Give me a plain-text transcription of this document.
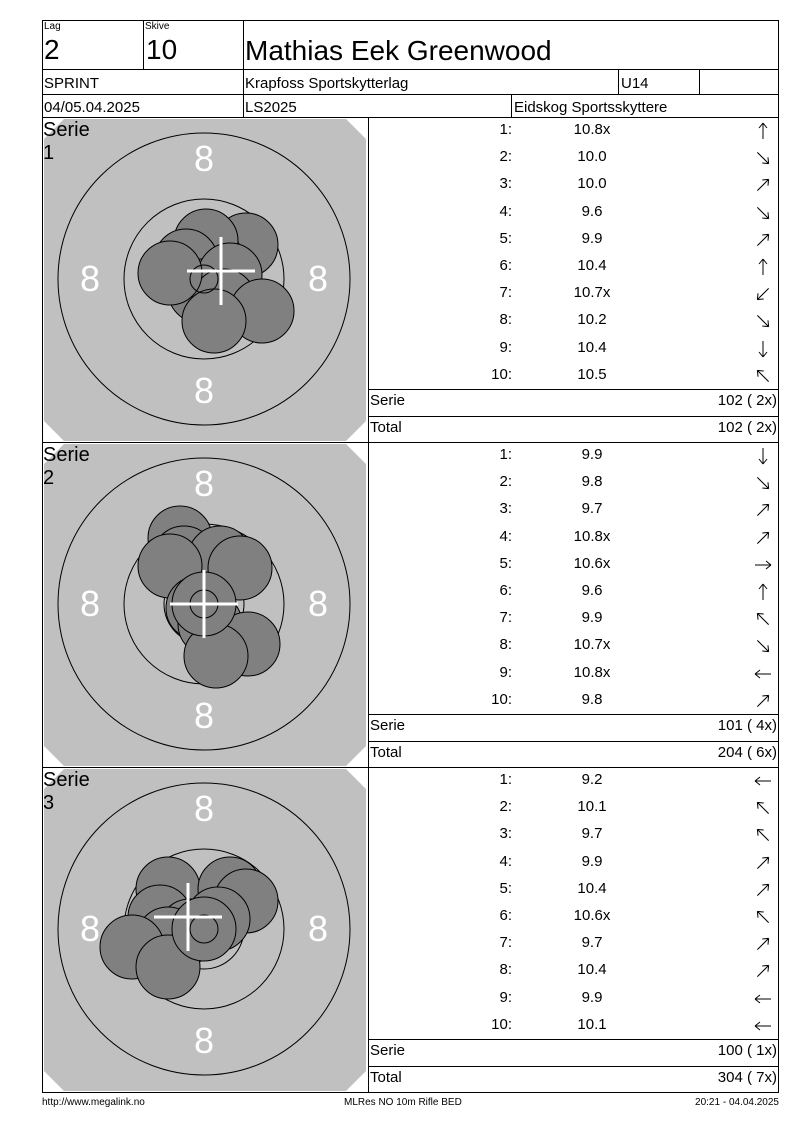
Lag
2
Skive
10 Mathias Eek Greenwood
SPRINT	Krapfoss Sportskytterlag	U14
04/05.04.2025	LS2025	Eidskog Sportsskyttere
8
8
8	8
Serie 1
1:	10.8x
2:	10.0
3:	10.0
4:	9.6
5:	9.9
6:	10.4
7:	10.7x
8:	10.2
9:	10.4
10:	10.5
Serie	102 ( 2x)
Total	102 ( 2x)
8
8
8	8
Serie 2
1:	9.9
2:	9.8
3:	9.7
4:	10.8x
5:	10.6x
6:	9.6
7:	9.9
8:	10.7x
9:	10.8x
10:	9.8
Serie	101 ( 4x)
Total	204 ( 6x)
8
8
8	8
Serie 3
1:	9.2
2:	10.1
3:	9.7
4:	9.9
5:	10.4
6:	10.6x
7:	9.7
8:	10.4
9:	9.9
10:	10.1
Serie	100 ( 1x)
Total	304 ( 7x)
http://www.megalink.no	MLRes NO 10m Rifle BED	20:21 - 04.04.2025
